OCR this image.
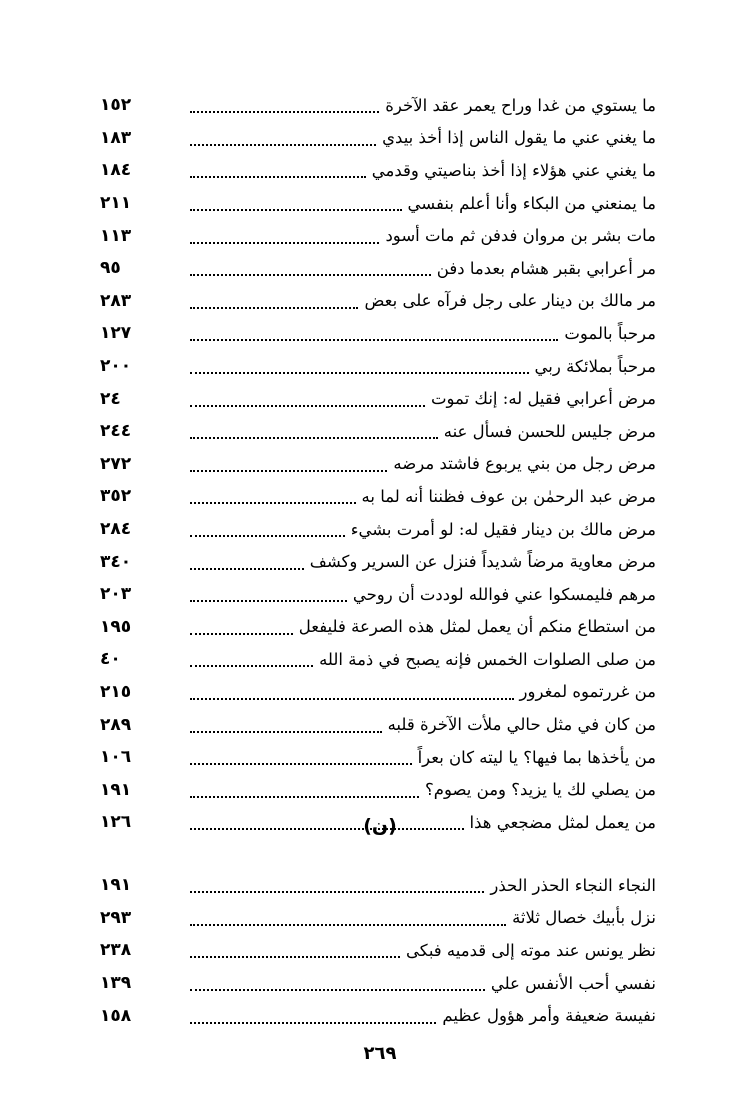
١٥٢	ما يستوي من غدا وراح يعمر عقد الآخرة
١٨٣	ما يغني عني ما يقول الناس إذا أخذ بيدي
١٨٤	ما يغني عني هؤلاء إذا أخذ بناصيتي وقدمي
٢١١	ما يمنعني من البكاء وأنا أعلم بنفسي
١١٣	مات بشر بن مروان فدفن ثم مات أسود
٩٥	مر أعرابي بقبر هشام بعدما دفن
٢٨٣	مر مالك بن دينار على رجل فرآه على بعض
١٢٧	مرحباً بالموت
٢٠٠	مرحباً بملائكة ربي
٢٤	مرض أعرابي فقيل له: إنك تموت
٢٤٤	مرض جليس للحسن فسأل عنه
٢٧٢	مرض رجل من بني يربوع فاشتد مرضه
٣٥٢	مرض عبد الرحمٰن بن عوف فظننا أنه لما به
٢٨٤	مرض مالك بن دينار فقيل له: لو أمرت بشيء
٣٤٠	مرض معاوية مرضاً شديداً فنزل عن السرير وكشف
٢٠٣	مرهم فليمسكوا عني فوالله لوددت أن روحي
١٩٥	من استطاع منكم أن يعمل لمثل هذه الصرعة فليفعل
٤٠	من صلى الصلوات الخمس فإنه يصبح في ذمة الله
٢١٥	من غررتموه لمغرور
٢٨٩	من كان في مثل حالي ملأت الآخرة قلبه
١٠٦	من يأخذها بما فيها؟ يا ليته كان بعراً
١٩١	من يصلي لك يا يزيد؟ ومن يصوم؟
١٢٦	من يعمل لمثل مضجعي هذا
(ن)
١٩١	النجاء النجاء الحذر الحذر
٢٩٣	نزل بأبيك خصال ثلاثة
٢٣٨	نظر يونس عند موته إلى قدميه فبكى
١٣٩	نفسي أحب الأنفس علي
١٥٨	نفيسة ضعيفة وأمر هؤول عظيم
٢٦٩
